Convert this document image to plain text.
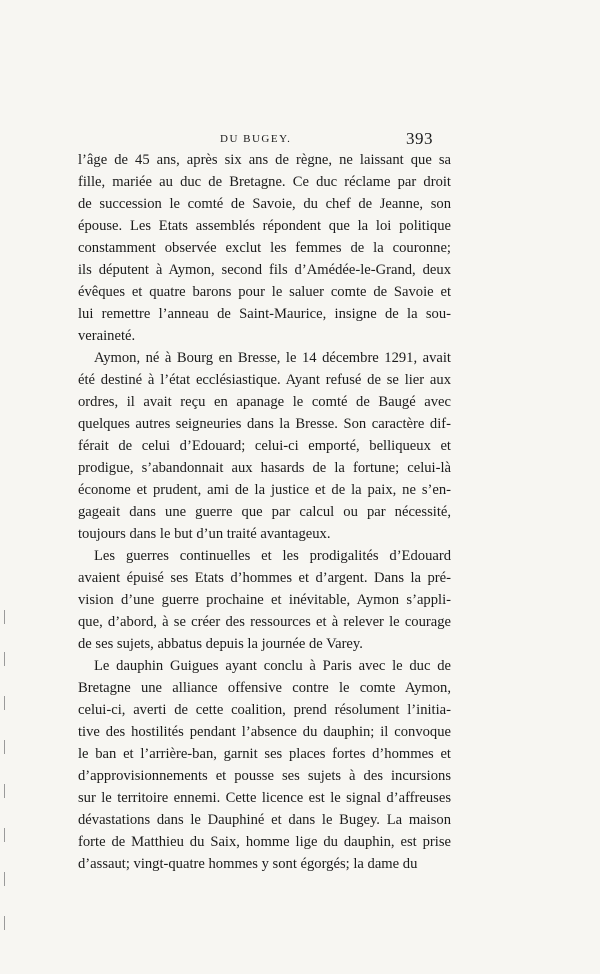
DU BUGEY.	393

l’âge de 45 ans, après six ans de règne, ne laissant que sa
fille, mariée au duc de Bretagne. Ce duc réclame par droit
de succession le comté de Savoie, du chef de Jeanne, son
épouse. Les Etats assemblés répondent que la loi politique
constamment observée exclut les femmes de la couronne;
ils députent à Aymon, second fils d’Amédée-le-Grand, deux
évêques et quatre barons pour le saluer comte de Savoie et
lui remettre l’anneau de Saint-Maurice, insigne de la sou-
veraineté.

Aymon, né à Bourg en Bresse, le 14 décembre 1291, avait
été destiné à l’état ecclésiastique. Ayant refusé de se lier aux
ordres, il avait reçu en apanage le comté de Baugé avec
quelques autres seigneuries dans la Bresse. Son caractère dif-
férait de celui d’Edouard; celui-ci emporté, belliqueux et
prodigue, s’abandonnait aux hasards de la fortune; celui-là
économe et prudent, ami de la justice et de la paix, ne s’en-
gageait dans une guerre que par calcul ou par nécessité,
toujours dans le but d’un traité avantageux.

Les guerres continuelles et les prodigalités d’Edouard
avaient épuisé ses Etats d’hommes et d’argent. Dans la pré-
vision d’une guerre prochaine et inévitable, Aymon s’appli-
que, d’abord, à se créer des ressources et à relever le courage
de ses sujets, abbatus depuis la journée de Varey.

Le dauphin Guigues ayant conclu à Paris avec le duc de
Bretagne une alliance offensive contre le comte Aymon,
celui-ci, averti de cette coalition, prend résolument l’initia-
tive des hostilités pendant l’absence du dauphin; il convoque
le ban et l’arrière-ban, garnit ses places fortes d’hommes et
d’approvisionnements et pousse ses sujets à des incursions
sur le territoire ennemi. Cette licence est le signal d’affreuses
dévastations dans le Dauphiné et dans le Bugey. La maison
forte de Matthieu du Saix, homme lige du dauphin, est prise
d’assaut; vingt-quatre hommes y sont égorgés; la dame du
